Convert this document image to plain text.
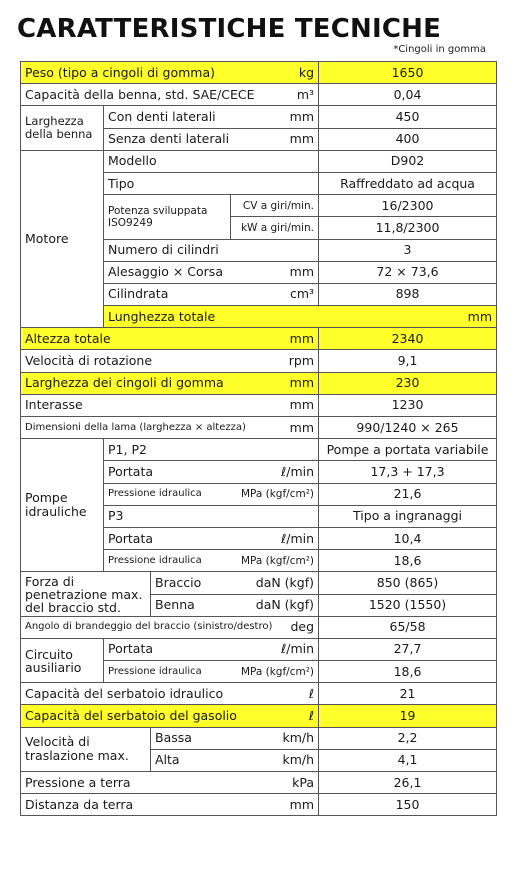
CARATTERISTICHE TECNICHE
*Cingoli in gomma
Peso (tipo a cingoli di gomma)			kg	1650	
Capacità della benna, std. SAE/CECE			m³	0,04	
Larghezza della benna	Con denti laterali		mm	450	
	Senza denti laterali		mm	400	
Motore	Modello			D902	
	Tipo			Raffreddato ad acqua	
	Potenza sviluppata ISO9249		CV a giri/min.	16/2300	
			kW a giri/min.	11,8/2300	
	Numero di cilindri			3	
	Alesaggio × Corsa		mm	72 × 73,6	
	Cilindrata		cm³	898	
	Lunghezza totale			mm	
Altezza totale			mm	2340	
Velocità di rotazione			rpm	9,1	
Larghezza dei cingoli di gomma			mm	230	
Interasse			mm	1230	
Dimensioni della lama (larghezza × altezza)			mm	990/1240 × 265	
Pompe idrauliche	P1, P2			Pompe a portata variabile	
	Portata		ℓ/min	17,3 + 17,3	
	Pressione idraulica		MPa (kgf/cm²)	21,6	
	P3			Tipo a ingranaggi	
	Portata		ℓ/min	10,4	
	Pressione idraulica		MPa (kgf/cm²)	18,6	
Forza di penetrazione max. del braccio std.		Braccio	daN (kgf)	850 (865)	
		Benna	daN (kgf)	1520 (1550)	
Angolo di brandeggio del braccio (sinistro/destro)			deg	65/58	
Circuito ausiliario	Portata		ℓ/min	27,7	
	Pressione idraulica		MPa (kgf/cm²)	18,6	
Capacità del serbatoio idraulico			ℓ	21	
Capacità del serbatoio del gasolio			ℓ	19	
Velocità di traslazione max.		Bassa	km/h	2,2	
		Alta	km/h	4,1	
Pressione a terra			kPa	26,1	
Distanza da terra			mm	150	
